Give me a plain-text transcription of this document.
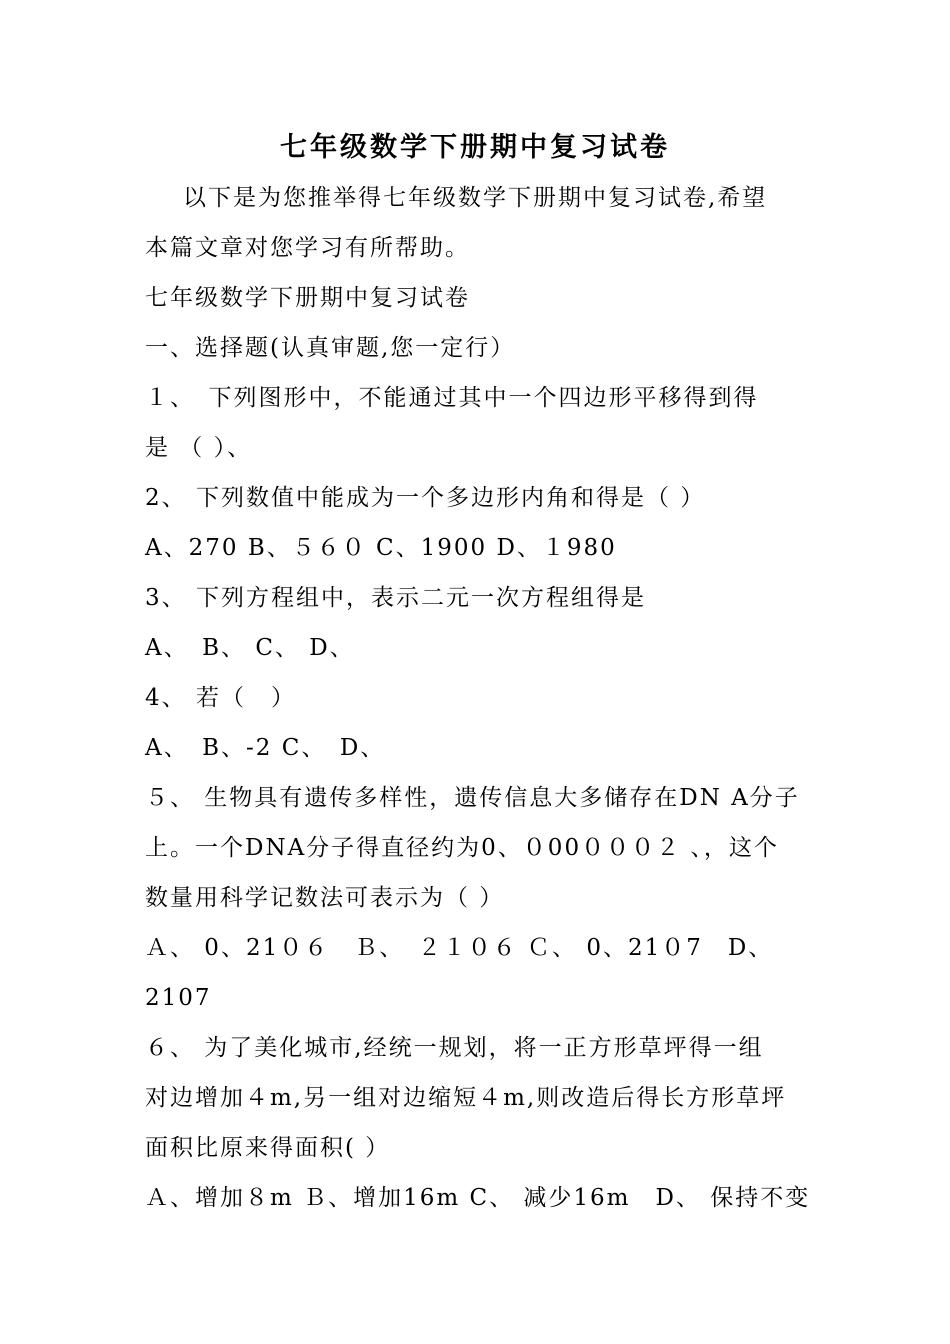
七年级数学下册期中复习试卷
以下是为您推举得七年级数学下册期中复习试卷,希望
本篇文章对您学习有所帮助。
七年级数学下册期中复习试卷
一、选择题(认真审题,您一定行）
１、　下列图形中，不能通过其中一个四边形平移得到得
是 （ ）、
2、 下列数值中能成为一个多边形内角和得是（ ）
A、270 B、５６０ C、1900 D、１980
3、 下列方程组中，表示二元一次方程组得是
A、　B、 C、 D、
4、 若（　）
A、　B、-2 C、　D、
５、 生物具有遗传多样性，遗传信息大多储存在DN A分子
上。一个DNA分子得直径约为0、０00０００２ 、，这个
数量用科学记数法可表示为（ ）
Ａ、 0、21０６　Ｂ、　２１０６ Ｃ、 0、21０7　D、
2107
６、 为了美化城市,经统一规划，将一正方形草坪得一组
对边增加４m,另一组对边缩短４m,则改造后得长方形草坪
面积比原来得面积( ）
Ａ、增加８m Ｂ、增加16m C、 减少16m　D、 保持不变
